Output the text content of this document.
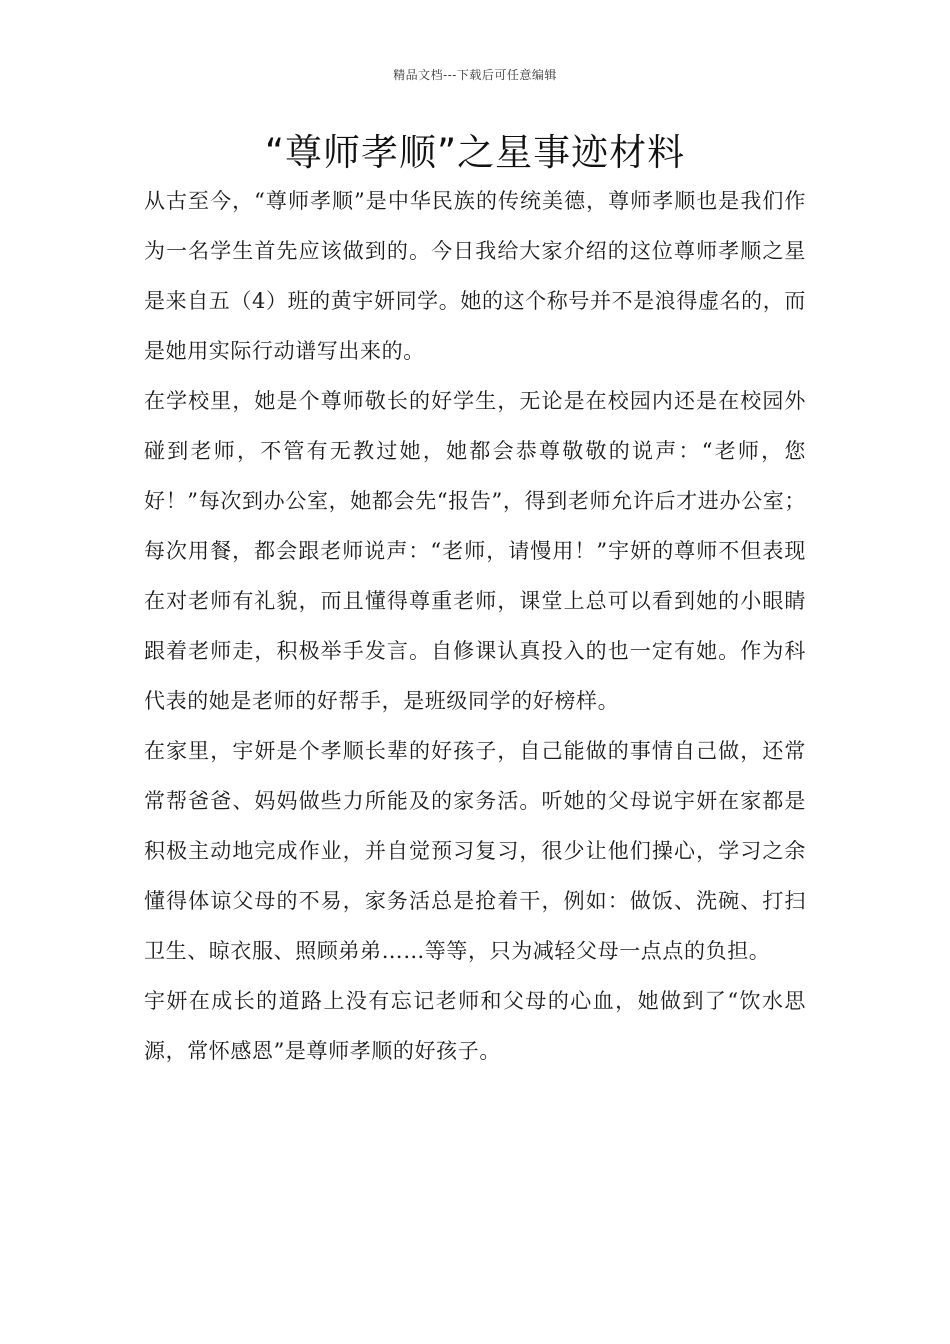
精品文档---下载后可任意编辑
“尊师孝顺”之星事迹材料

从古至今，“尊师孝顺”是中华民族的传统美德，尊师孝顺也是我们作为一名学生首先应该做到的。今日我给大家介绍的这位尊师孝顺之星是来自五（4）班的黄宇妍同学。她的这个称号并不是浪得虚名的，而是她用实际行动谱写出来的。

在学校里，她是个尊师敬长的好学生，无论是在校园内还是在校园外碰到老师，不管有无教过她，她都会恭尊敬敬的说声：“老师，您好！”每次到办公室，她都会先“报告”，得到老师允许后才进办公室；每次用餐，都会跟老师说声：“老师，请慢用！”宇妍的尊师不但表现在对老师有礼貌，而且懂得尊重老师，课堂上总可以看到她的小眼睛跟着老师走，积极举手发言。自修课认真投入的也一定有她。作为科代表的她是老师的好帮手，是班级同学的好榜样。

在家里，宇妍是个孝顺长辈的好孩子，自己能做的事情自己做，还常常帮爸爸、妈妈做些力所能及的家务活。听她的父母说宇妍在家都是积极主动地完成作业，并自觉预习复习，很少让他们操心，学习之余懂得体谅父母的不易，家务活总是抢着干，例如：做饭、洗碗、打扫卫生、晾衣服、照顾弟弟……等等，只为减轻父母一点点的负担。

宇妍在成长的道路上没有忘记老师和父母的心血，她做到了“饮水思源，常怀感恩”是尊师孝顺的好孩子。
